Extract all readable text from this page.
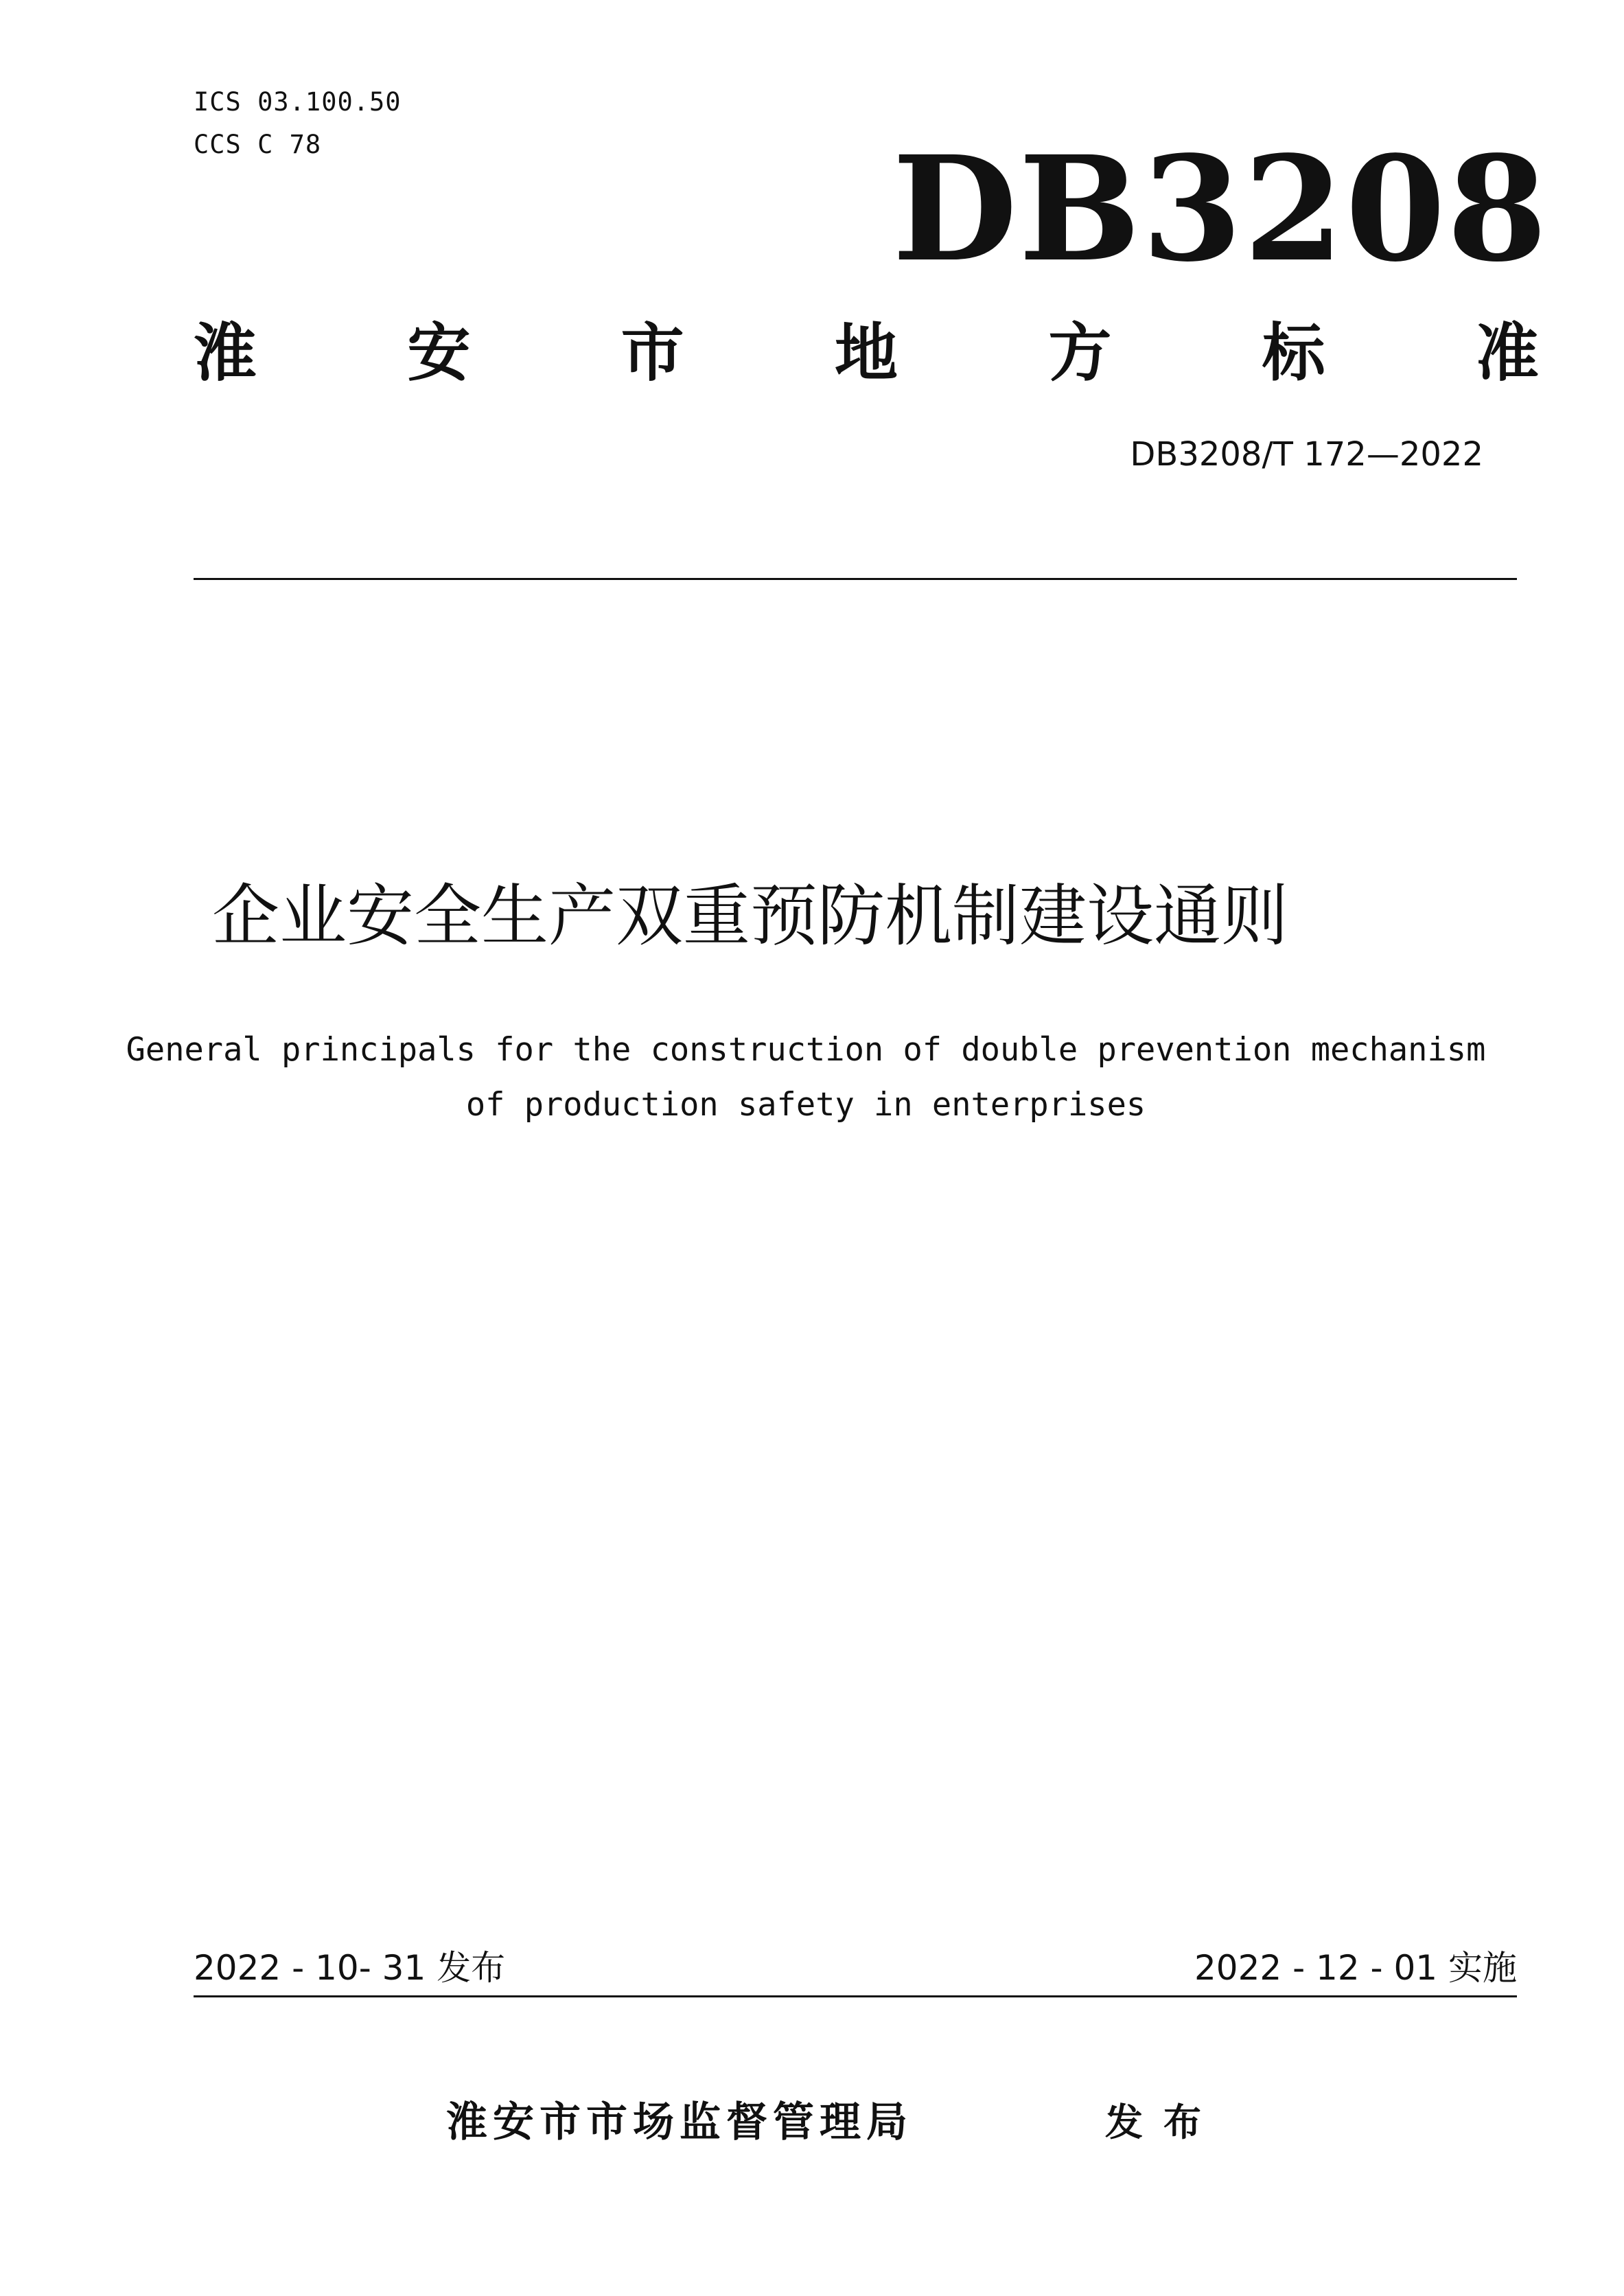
ICS 03.100.50
CCS C 78	DB3208
淮 安 市 地 方 标 准
DB3208/T 172—2022
企业安全生产双重预防机制建设通则
General principals for the construction of double prevention mechanism
of production safety in enterprises
2022 - 10- 31 发布	2022 - 12 - 01 实施
淮安市市场监督管理局	发布
